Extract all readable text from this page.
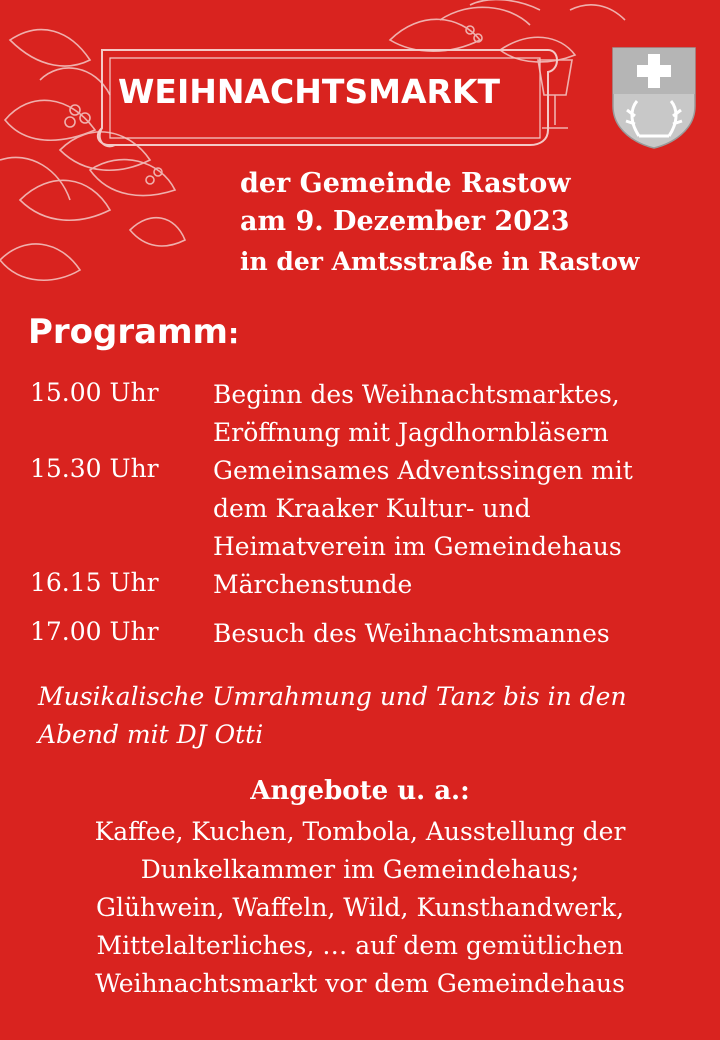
WEIHNACHTSMARKT
der Gemeinde Rastow
am 9. Dezember 2023
in der Amtsstraße in Rastow
Programm:
15.00 Uhr Beginn des Weihnachtsmarktes,
Eröffnung mit Jagdhornbläsern
15.30 Uhr Gemeinsames Adventssingen mit
dem Kraaker Kultur- und
Heimatverein im Gemeindehaus
16.15 Uhr Märchenstunde
17.00 Uhr Besuch des Weihnachtsmannes
Musikalische Umrahmung und Tanz bis in den
Abend mit DJ Otti
Angebote u. a.:
Kaffee, Kuchen, Tombola, Ausstellung der
Dunkelkammer im Gemeindehaus;
Glühwein, Waffeln, Wild, Kunsthandwerk,
Mittelalterliches, … auf dem gemütlichen
Weihnachtsmarkt vor dem Gemeindehaus
